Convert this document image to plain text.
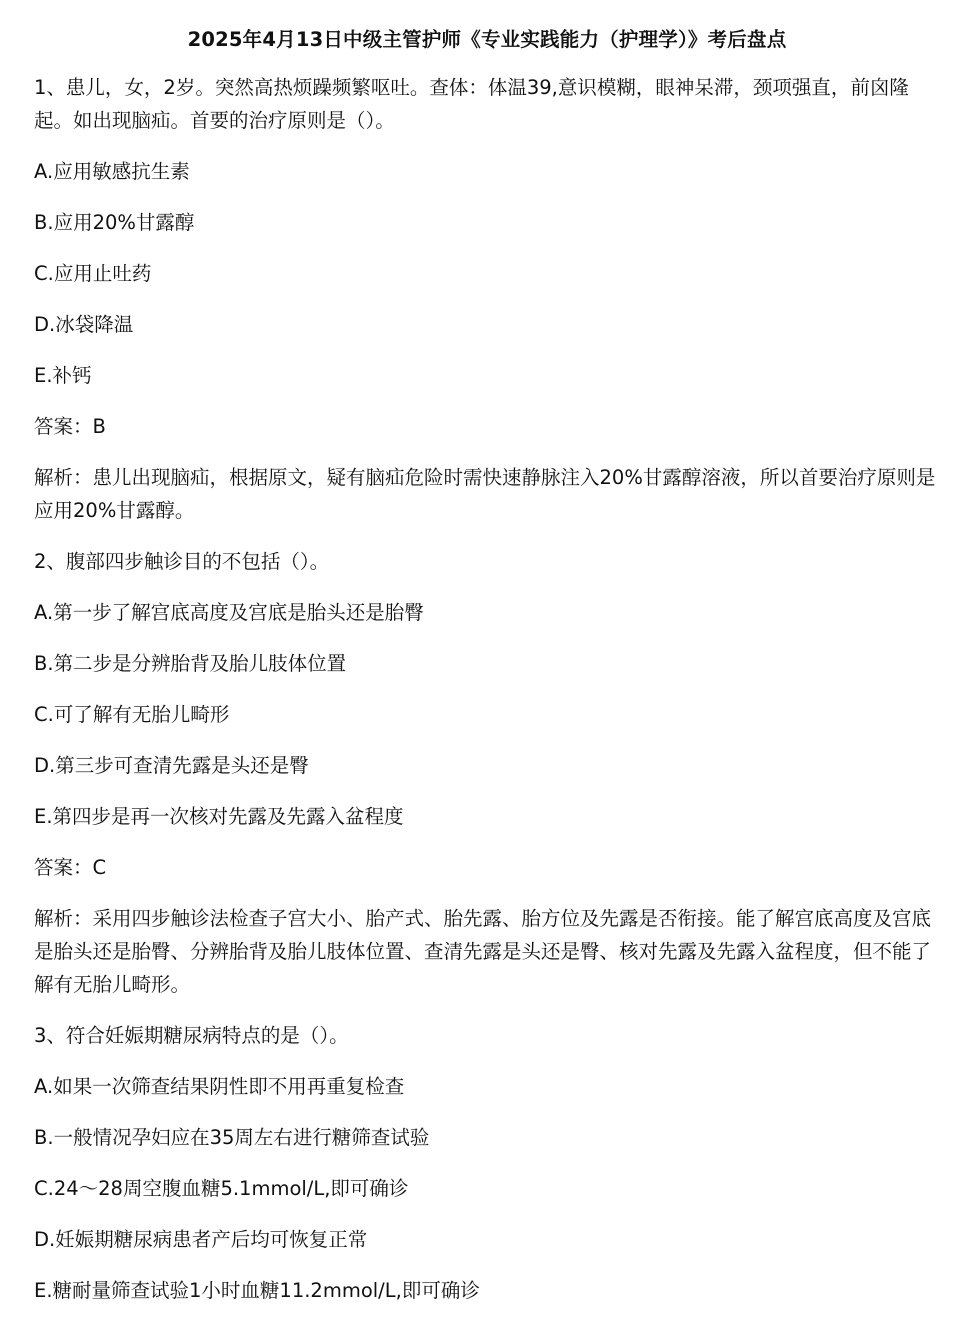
2025年4月13日中级主管护师《专业实践能力（护理学）》考后盘点

1、患儿，女，2岁。突然高热烦躁频繁呕吐。查体：体温39,意识模糊，眼神呆滞，颈项强直，前囟隆起。如出现脑疝。首要的治疗原则是（）。

A.应用敏感抗生素

B.应用20%甘露醇

C.应用止吐药

D.冰袋降温

E.补钙

答案：B

解析：患儿出现脑疝，根据原文，疑有脑疝危险时需快速静脉注入20%甘露醇溶液，所以首要治疗原则是应用20%甘露醇。

2、腹部四步触诊目的不包括（）。

A.第一步了解宫底高度及宫底是胎头还是胎臀

B.第二步是分辨胎背及胎儿肢体位置

C.可了解有无胎儿畸形

D.第三步可查清先露是头还是臀

E.第四步是再一次核对先露及先露入盆程度

答案：C

解析：采用四步触诊法检查子宫大小、胎产式、胎先露、胎方位及先露是否衔接。能了解宫底高度及宫底是胎头还是胎臀、分辨胎背及胎儿肢体位置、查清先露是头还是臀、核对先露及先露入盆程度，但不能了解有无胎儿畸形。

3、符合妊娠期糖尿病特点的是（）。

A.如果一次筛查结果阴性即不用再重复检查

B.一般情况孕妇应在35周左右进行糖筛查试验

C.24～28周空腹血糖5.1mmol/L,即可确诊

D.妊娠期糖尿病患者产后均可恢复正常

E.糖耐量筛查试验1小时血糖11.2mmol/L,即可确诊
